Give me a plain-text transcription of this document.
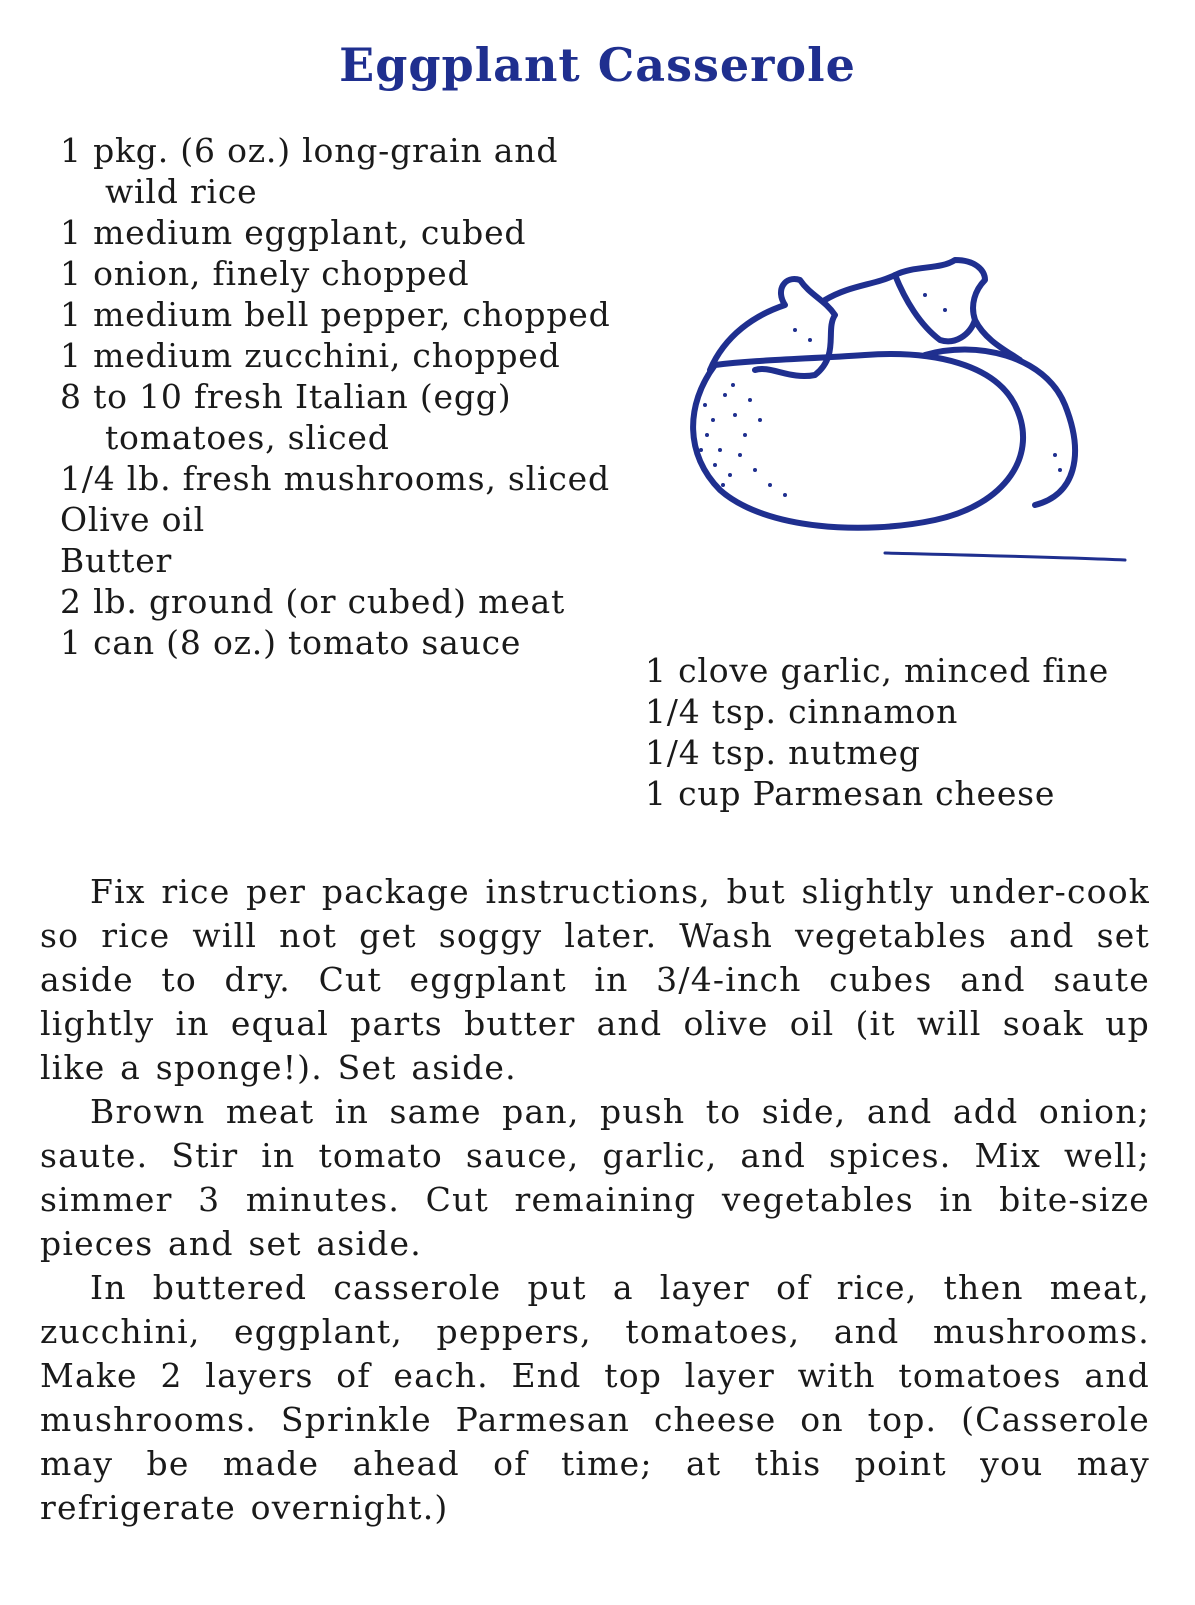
Eggplant Casserole
1 pkg. (6 oz.) long-grain and wild rice
1 medium eggplant, cubed
1 onion, finely chopped
1 medium bell pepper, chopped
1 medium zucchini, chopped
8 to 10 fresh Italian (egg) tomatoes, sliced
1/4 lb. fresh mushrooms, sliced
Olive oil
Butter
2 lb. ground (or cubed) meat
1 can (8 oz.) tomato sauce
1 clove garlic, minced fine
1/4 tsp. cinnamon
1/4 tsp. nutmeg
1 cup Parmesan cheese

Fix rice per package instructions, but slightly under-cook so rice will not get soggy later. Wash vegetables and set aside to dry. Cut eggplant in 3/4-inch cubes and saute lightly in equal parts butter and olive oil (it will soak up like a sponge!). Set aside.

Brown meat in same pan, push to side, and add onion; saute. Stir in tomato sauce, garlic, and spices. Mix well; simmer 3 minutes. Cut remaining vegetables in bite-size pieces and set aside.

In buttered casserole put a layer of rice, then meat, zucchini, eggplant, peppers, tomatoes, and mushrooms. Make 2 layers of each. End top layer with tomatoes and mushrooms. Sprinkle Parmesan cheese on top. (Casserole may be made ahead of time; at this point you may refrigerate overnight.)
